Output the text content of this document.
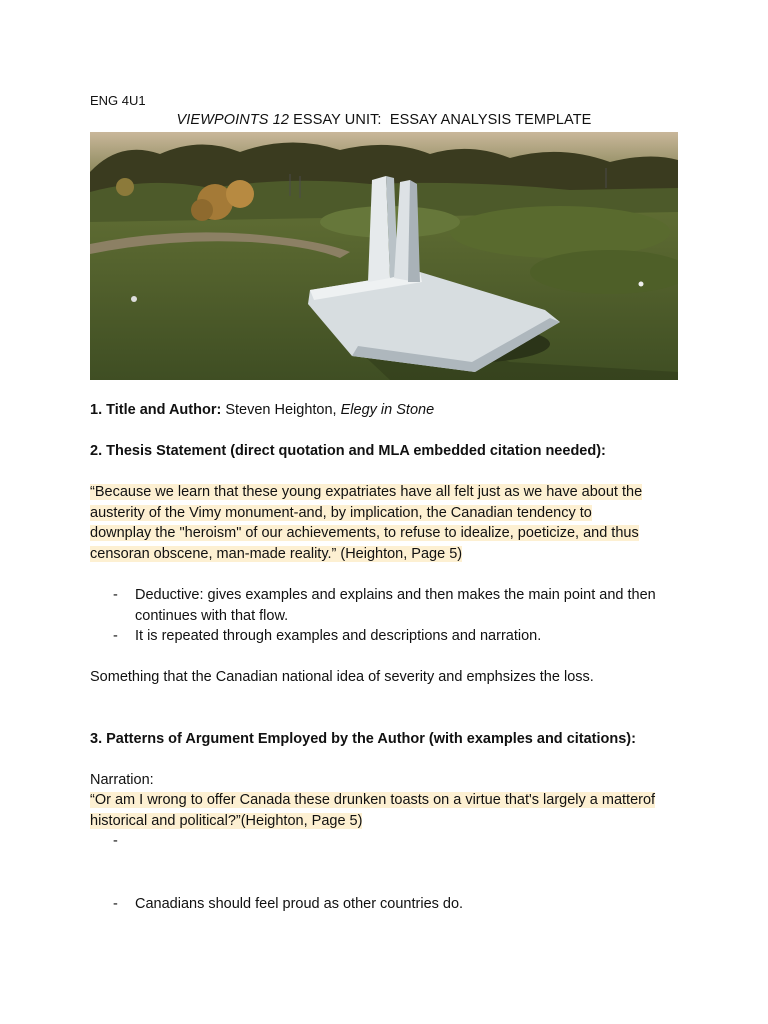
ENG 4U1
VIEWPOINTS 12 ESSAY UNIT:  ESSAY ANALYSIS TEMPLATE
1. Title and Author: Steven Heighton, Elegy in Stone
2. Thesis Statement (direct quotation and MLA embedded citation needed):
“Because we learn that these young expatriates have all felt just as we have about the
austerity of the Vimy monument-and, by implication, the Canadian tendency to
downplay the "heroism" of our achievements, to refuse to idealize, poeticize, and thus
censoran obscene, man-made reality.” (Heighton, Page 5)
- Deductive: gives examples and explains and then makes the main point and then
continues with that flow.
- It is repeated through examples and descriptions and narration.
Something that the Canadian national idea of severity and emphsizes the loss.
3. Patterns of Argument Employed by the Author (with examples and citations):
Narration:
“Or am I wrong to offer Canada these drunken toasts on a virtue that's largely a matterof
historical and political?”(Heighton, Page 5)
-
- Canadians should feel proud as other countries do.
